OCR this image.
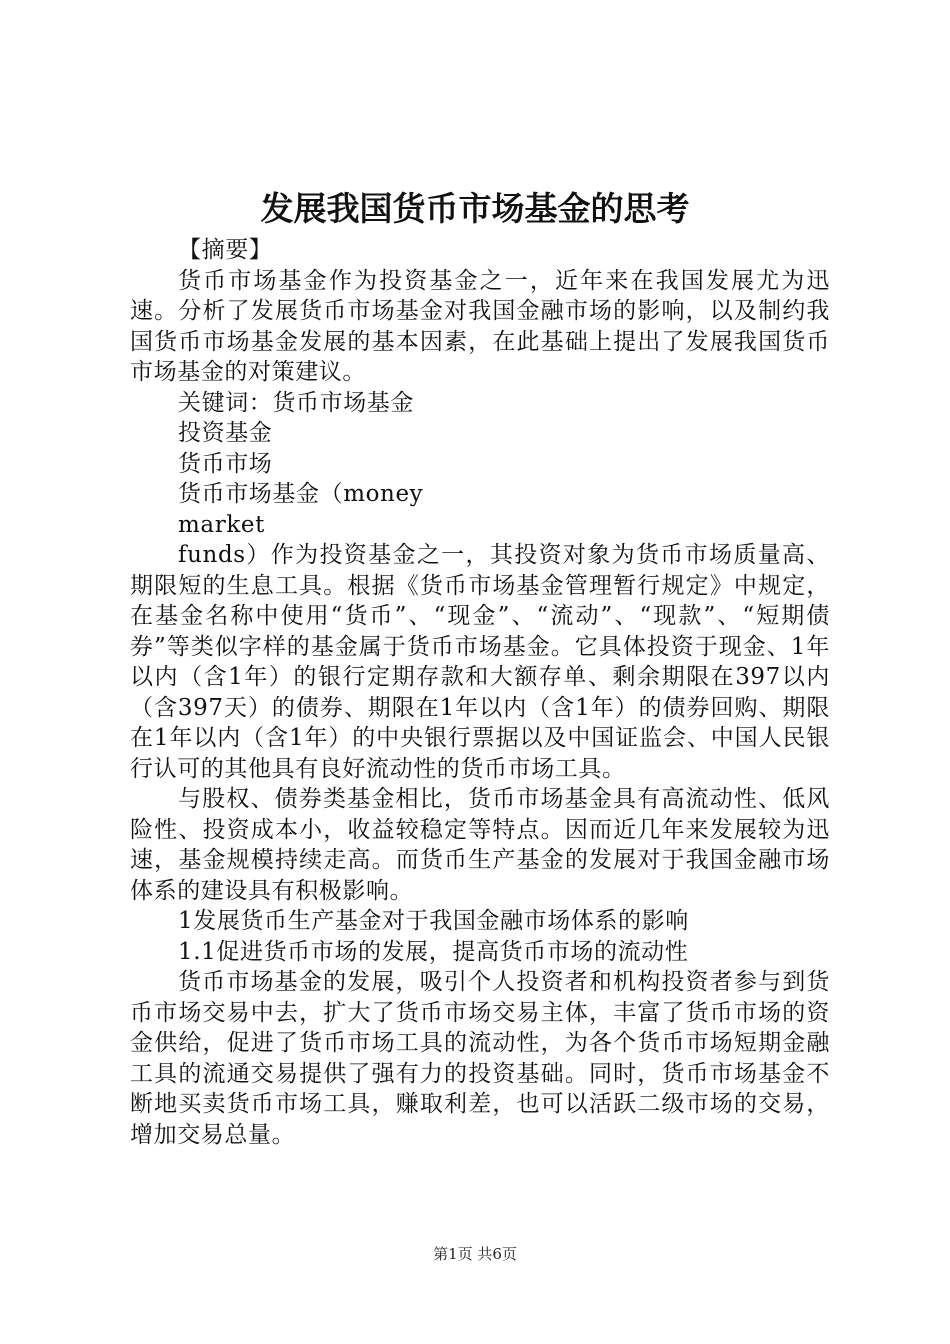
发展我国货币市场基金的思考

【摘要】

货币市场基金作为投资基金之一，近年来在我国发展尤为迅速。分析了发展货币市场基金对我国金融市场的影响，以及制约我国货币市场基金发展的基本因素，在此基础上提出了发展我国货币市场基金的对策建议。

关键词：货币市场基金

投资基金

货币市场

货币市场基金（money

market

funds）作为投资基金之一，其投资对象为货币市场质量高、期限短的生息工具。根据《货币市场基金管理暂行规定》中规定，在基金名称中使用“货币”、“现金”、“流动”、“现款”、“短期债券”等类似字样的基金属于货币市场基金。它具体投资于现金、1年以内（含1年）的银行定期存款和大额存单、剩余期限在397以内（含397天）的债券、期限在1年以内（含1年）的债券回购、期限在1年以内（含1年）的中央银行票据以及中国证监会、中国人民银行认可的其他具有良好流动性的货币市场工具。

与股权、债券类基金相比，货币市场基金具有高流动性、低风险性、投资成本小，收益较稳定等特点。因而近几年来发展较为迅速，基金规模持续走高。而货币生产基金的发展对于我国金融市场体系的建设具有积极影响。

1发展货币生产基金对于我国金融市场体系的影响

1.1促进货币市场的发展，提高货币市场的流动性

货币市场基金的发展，吸引个人投资者和机构投资者参与到货币市场交易中去，扩大了货币市场交易主体，丰富了货币市场的资金供给，促进了货币市场工具的流动性，为各个货币市场短期金融工具的流通交易提供了强有力的投资基础。同时，货币市场基金不断地买卖货币市场工具，赚取利差，也可以活跃二级市场的交易，增加交易总量。

第1页 共6页
